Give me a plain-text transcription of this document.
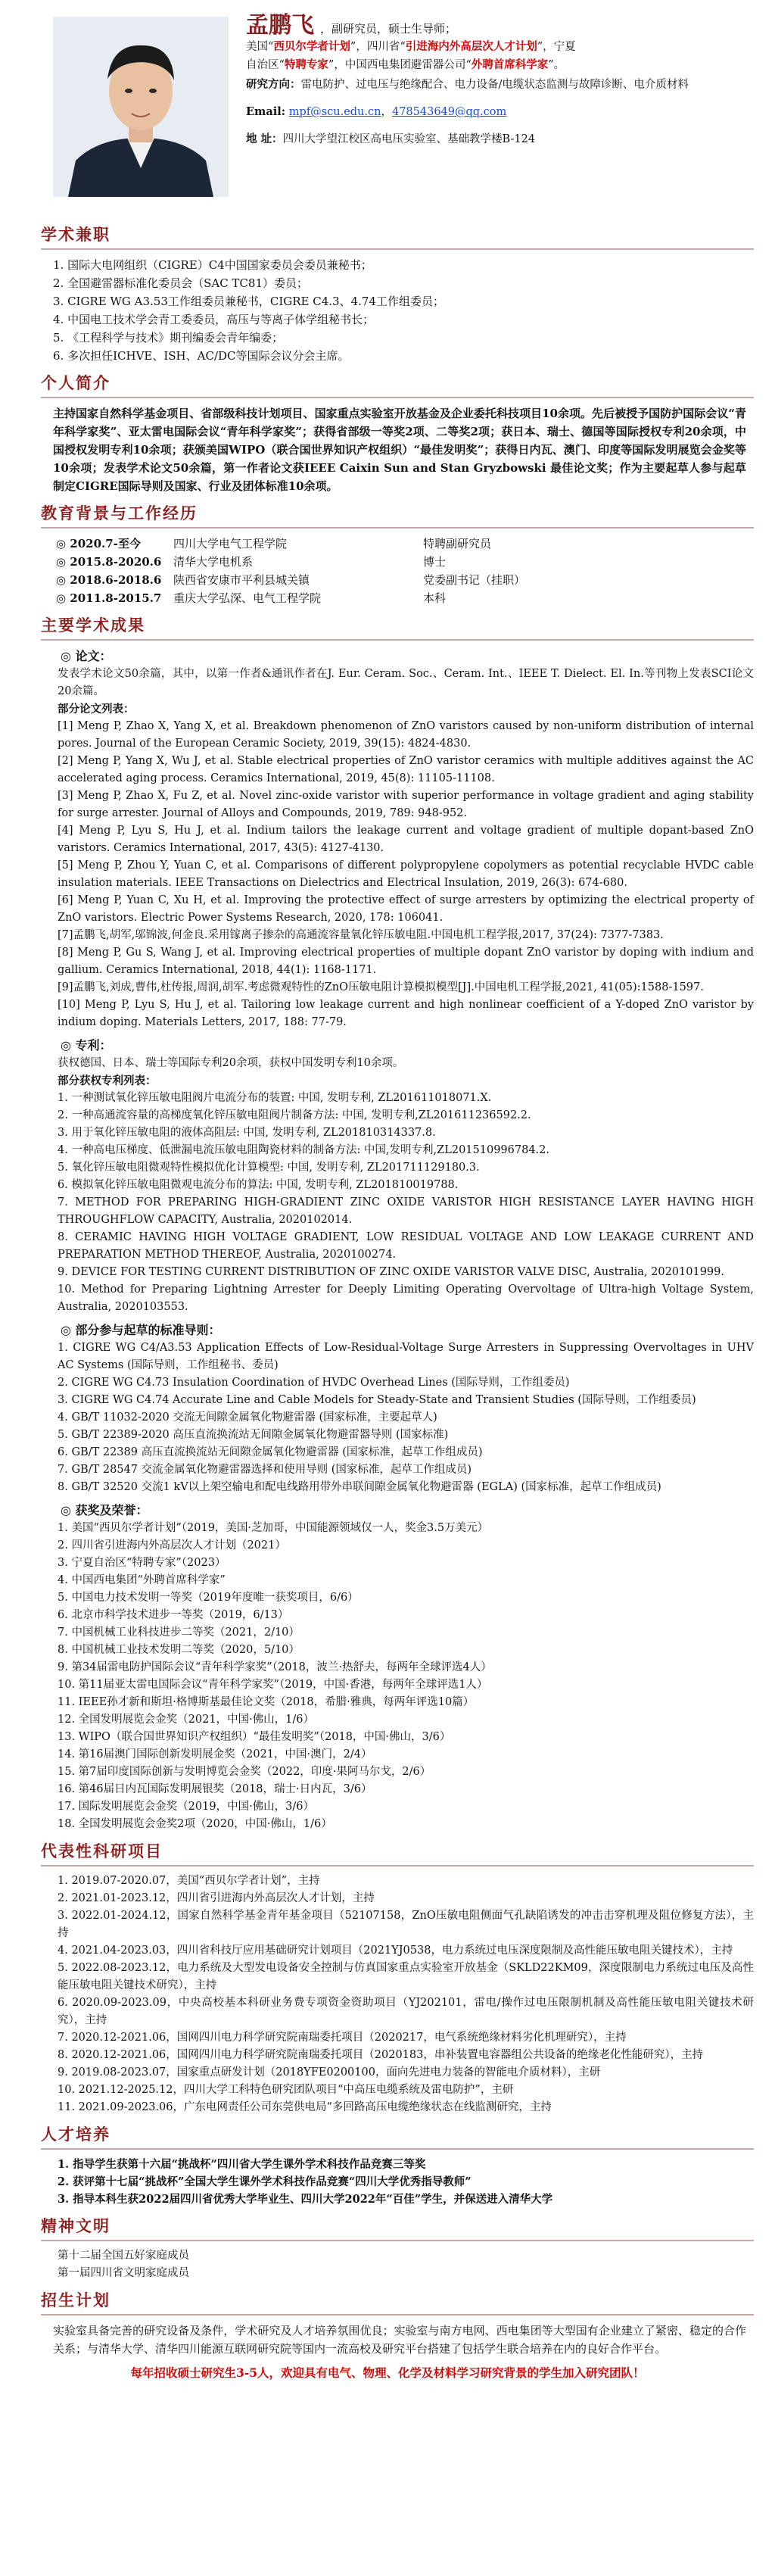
孟鹏飞 ，副研究员，硕士生导师；
美国“西贝尔学者计划”，四川省“引进海内外高层次人才计划”，宁夏
自治区“特聘专家”，中国西电集团避雷器公司“外聘首席科学家”。
研究方向：雷电防护、过电压与绝缘配合、电力设备/电缆状态监测与故障诊断、电介质材料
Email: mpf@scu.edu.cn，478543649@qq.com
地 址：四川大学望江校区高电压实验室、基础教学楼B-124
学术兼职
1. 国际大电网组织（CIGRE）C4中国国家委员会委员兼秘书；
2. 全国避雷器标准化委员会（SAC TC81）委员；
3. CIGRE WG A3.53工作组委员兼秘书，CIGRE C4.3、4.74工作组委员；
4. 中国电工技术学会青工委委员，高压与等离子体学组秘书长；
5. 《工程科学与技术》期刊编委会青年编委；
6. 多次担任ICHVE、ISH、AC/DC等国际会议分会主席。
个人简介
主持国家自然科学基金项目、省部级科技计划项目、国家重点实验室开放基金及企业委托科技项目10余项。先后被授予国防护国际会议“青年科学家奖”、亚太雷电国际会议“青年科学家奖”；获得省部级一等奖2项、二等奖2项；获日本、瑞士、德国等国际授权专利20余项，中国授权发明专利10余项；获颁美国WIPO（联合国世界知识产权组织）“最佳发明奖”；获得日内瓦、澳门、印度等国际发明展览会金奖等10余项；发表学术论文50余篇，第一作者论文获IEEE Caixin Sun and Stan Gryzbowski 最佳论文奖；作为主要起草人参与起草制定CIGRE国际导则及国家、行业及团体标准10余项。
教育背景与工作经历
◎ 2020.7-至今	四川大学电气工程学院	特聘副研究员
◎ 2015.8-2020.6	清华大学电机系	博士
◎ 2018.6-2018.6	陕西省安康市平利县城关镇	党委副书记（挂职）
◎ 2011.8-2015.7	重庆大学弘深、电气工程学院	本科
主要学术成果
◎ 论文：
发表学术论文50余篇，其中，以第一作者&通讯作者在J. Eur. Ceram. Soc.、Ceram. Int.、IEEE T. Dielect. El. In.等刊物上发表SCI论文20余篇。
部分论文列表：
[1] Meng P, Zhao X, Yang X, et al. Breakdown phenomenon of ZnO varistors caused by non-uniform distribution of internal pores. Journal of the European Ceramic Society, 2019, 39(15): 4824-4830.
[2] Meng P, Yang X, Wu J, et al. Stable electrical properties of ZnO varistor ceramics with multiple additives against the AC accelerated aging process. Ceramics International, 2019, 45(8): 11105-11108.
[3] Meng P, Zhao X, Fu Z, et al. Novel zinc-oxide varistor with superior performance in voltage gradient and aging stability for surge arrester. Journal of Alloys and Compounds, 2019, 789: 948-952.
[4] Meng P, Lyu S, Hu J, et al. Indium tailors the leakage current and voltage gradient of multiple dopant-based ZnO varistors. Ceramics International, 2017, 43(5): 4127-4130.
[5] Meng P, Zhou Y, Yuan C, et al. Comparisons of different polypropylene copolymers as potential recyclable HVDC cable insulation materials. IEEE Transactions on Dielectrics and Electrical Insulation, 2019, 26(3): 674-680.
[6] Meng P, Yuan C, Xu H, et al. Improving the protective effect of surge arresters by optimizing the electrical property of ZnO varistors. Electric Power Systems Research, 2020, 178: 106041.
[7]孟鹏飞,胡军,邬锦波,何金良.采用镓离子掺杂的高通流容量氧化锌压敏电阻.中国电机工程学报,2017, 37(24): 7377-7383.
[8] Meng P, Gu S, Wang J, et al. Improving electrical properties of multiple dopant ZnO varistor by doping with indium and gallium. Ceramics International, 2018, 44(1): 1168-1171.
[9]孟鹏飞,刘成,曹伟,杜传报,周润,胡军.考虑微观特性的ZnO压敏电阻计算模拟模型[J].中国电机工程学报,2021, 41(05):1588-1597.
[10] Meng P, Lyu S, Hu J, et al. Tailoring low leakage current and high nonlinear coefficient of a Y-doped ZnO varistor by indium doping. Materials Letters, 2017, 188: 77-79.
◎ 专利：
获权德国、日本、瑞士等国际专利20余项，获权中国发明专利10余项。
部分获权专利列表：
1. 一种测试氧化锌压敏电阻阀片电流分布的装置: 中国, 发明专利, ZL201611018071.X.
2. 一种高通流容量的高梯度氧化锌压敏电阻阀片制备方法: 中国, 发明专利,ZL201611236592.2.
3. 用于氧化锌压敏电阻的液体高阻层: 中国, 发明专利, ZL201810314337.8.
4. 一种高电压梯度、低泄漏电流压敏电阻陶瓷材料的制备方法: 中国,发明专利,ZL201510996784.2.
5. 氧化锌压敏电阻微观特性模拟优化计算模型: 中国, 发明专利, ZL201711129180.3.
6. 模拟氧化锌压敏电阻微观电流分布的算法: 中国, 发明专利, ZL201810019788.
7. METHOD FOR PREPARING HIGH-GRADIENT ZINC OXIDE VARISTOR HIGH RESISTANCE LAYER HAVING HIGH THROUGHFLOW CAPACITY, Australia, 2020102014.
8. CERAMIC HAVING HIGH VOLTAGE GRADIENT, LOW RESIDUAL VOLTAGE AND LOW LEAKAGE CURRENT AND PREPARATION METHOD THEREOF, Australia, 2020100274.
9. DEVICE FOR TESTING CURRENT DISTRIBUTION OF ZINC OXIDE VARISTOR VALVE DISC, Australia, 2020101999.
10. Method for Preparing Lightning Arrester for Deeply Limiting Operating Overvoltage of Ultra-high Voltage System, Australia, 2020103553.
◎ 部分参与起草的标准导则：
1. CIGRE WG C4/A3.53 Application Effects of Low-Residual-Voltage Surge Arresters in Suppressing Overvoltages in UHV AC Systems (国际导则，工作组秘书、委员)
2. CIGRE WG C4.73 Insulation Coordination of HVDC Overhead Lines (国际导则，工作组委员)
3. CIGRE WG C4.74 Accurate Line and Cable Models for Steady-State and Transient Studies (国际导则，工作组委员)
4. GB/T 11032-2020 交流无间隙金属氧化物避雷器 (国家标准，主要起草人)
5. GB/T 22389-2020 高压直流换流站无间隙金属氧化物避雷器导则 (国家标准)
6. GB/T 22389 高压直流换流站无间隙金属氧化物避雷器 (国家标准，起草工作组成员)
7. GB/T 28547 交流金属氧化物避雷器选择和使用导则 (国家标准，起草工作组成员)
8. GB/T 32520 交流1 kV以上架空输电和配电线路用带外串联间隙金属氧化物避雷器 (EGLA) (国家标准，起草工作组成员)
◎ 获奖及荣誉：
1. 美国“西贝尔学者计划”（2019，美国·芝加哥，中国能源领域仅一人，奖金3.5万美元）
2. 四川省引进海内外高层次人才计划（2021）
3. 宁夏自治区“特聘专家”（2023）
4. 中国西电集团“外聘首席科学家”
5. 中国电力技术发明一等奖（2019年度唯一获奖项目，6/6）
6. 北京市科学技术进步一等奖（2019，6/13）
7. 中国机械工业科技进步二等奖（2021，2/10）
8. 中国机械工业技术发明二等奖（2020，5/10）
9. 第34届雷电防护国际会议“青年科学家奖”（2018，波兰·热舒夫，每两年全球评选4人）
10. 第11届亚太雷电国际会议“青年科学家奖”（2019，中国·香港，每两年全球评选1人）
11. IEEE孙才新和斯坦·格博斯基最佳论文奖（2018，希腊·雅典，每两年评选10篇）
12. 全国发明展览会金奖（2021，中国·佛山，1/6）
13. WIPO（联合国世界知识产权组织）“最佳发明奖”（2018，中国·佛山，3/6）
14. 第16届澳门国际创新发明展金奖（2021，中国·澳门，2/4）
15. 第7届印度国际创新与发明博览会金奖（2022，印度·果阿马尔戈，2/6）
16. 第46届日内瓦国际发明展银奖（2018，瑞士·日内瓦，3/6）
17. 国际发明展览会金奖（2019，中国·佛山，3/6）
18. 全国发明展览会金奖2项（2020，中国·佛山，1/6）
代表性科研项目
1. 2019.07-2020.07，美国“西贝尔学者计划”，主持
2. 2021.01-2023.12，四川省引进海内外高层次人才计划，主持
3. 2022.01-2024.12，国家自然科学基金青年基金项目（52107158，ZnO压敏电阻侧面气孔缺陷诱发的冲击击穿机理及阻位修复方法），主持
4. 2021.04-2023.03，四川省科技厅应用基础研究计划项目（2021YJ0538，电力系统过电压深度限制及高性能压敏电阻关键技术），主持
5. 2022.08-2023.12，电力系统及大型发电设备安全控制与仿真国家重点实验室开放基金（SKLD22KM09，深度限制电力系统过电压及高性能压敏电阻关键技术研究），主持
6. 2020.09-2023.09，中央高校基本科研业务费专项资金资助项目（YJ202101，雷电/操作过电压限制机制及高性能压敏电阻关键技术研究），主持
7. 2020.12-2021.06，国网四川电力科学研究院南瑞委托项目（2020217，电气系统绝缘材料劣化机理研究），主持
8. 2020.12-2021.06，国网四川电力科学研究院南瑞委托项目（2020183，串补装置电容器组公共设备的绝缘老化性能研究），主持
9. 2019.08-2023.07，国家重点研发计划（2018YFE0200100，面向先进电力装备的智能电介质材料），主研
10. 2021.12-2025.12，四川大学工科特色研究团队项目“中高压电缆系统及雷电防护”，主研
11. 2021.09-2023.06，广东电网责任公司东莞供电局“多回路高压电缆绝缘状态在线监测研究，主持
人才培养
1. 指导学生获第十六届“挑战杯”四川省大学生课外学术科技作品竞赛三等奖
2. 获评第十七届“挑战杯”全国大学生课外学术科技作品竞赛“四川大学优秀指导教师”
3. 指导本科生获2022届四川省优秀大学毕业生、四川大学2022年“百佳”学生，并保送进入清华大学
精神文明
第十二届全国五好家庭成员
第一届四川省文明家庭成员
招生计划
实验室具备完善的研究设备及条件，学术研究及人才培养氛围优良；实验室与南方电网、西电集团等大型国有企业建立了紧密、稳定的合作关系；与清华大学、清华四川能源互联网研究院等国内一流高校及研究平台搭建了包括学生联合培养在内的良好合作平台。
每年招收硕士研究生3-5人，欢迎具有电气、物理、化学及材料学习研究背景的学生加入研究团队！
